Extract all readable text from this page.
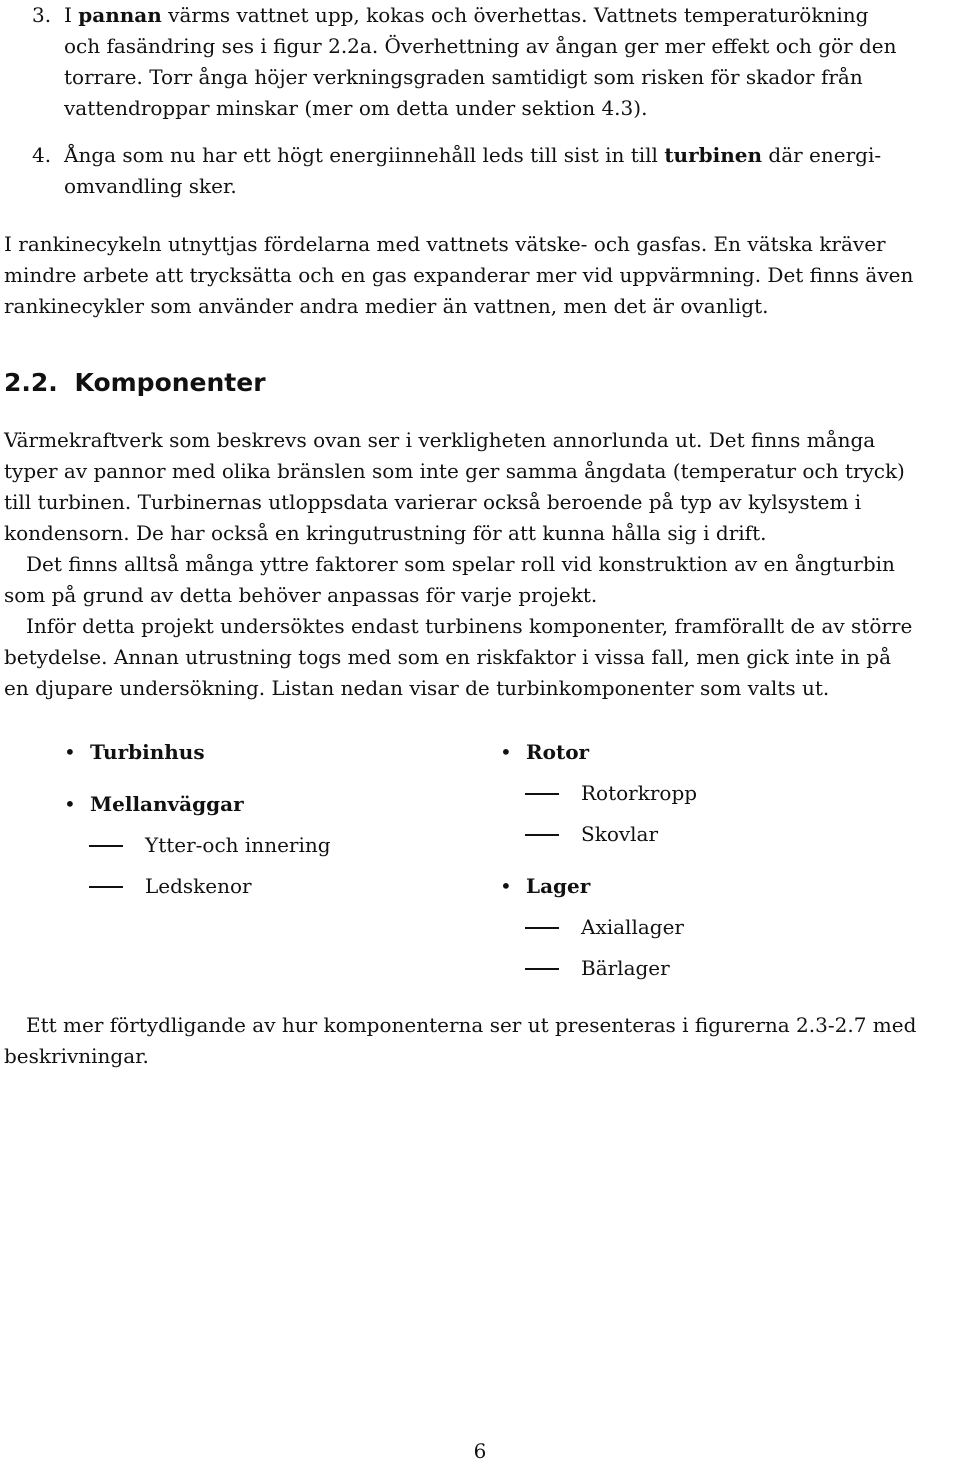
3. I pannan värms vattnet upp, kokas och överhettas. Vattnets temperaturökning

och fasändring ses i figur 2.2a. Överhettning av ångan ger mer effekt och gör den

torrare. Torr ånga höjer verkningsgraden samtidigt som risken för skador från

vattendroppar minskar (mer om detta under sektion 4.3).

4. Ånga som nu har ett högt energiinnehåll leds till sist in till turbinen där energi-

omvandling sker.

I rankinecykeln utnyttjas fördelarna med vattnets vätske- och gasfas. En vätska kräver

mindre arbete att trycksätta och en gas expanderar mer vid uppvärmning. Det finns även

rankinecykler som använder andra medier än vattnen, men det är ovanligt.

2.2. Komponenter

Värmekraftverk som beskrevs ovan ser i verkligheten annorlunda ut. Det finns många

typer av pannor med olika bränslen som inte ger samma ångdata (temperatur och tryck)

till turbinen. Turbinernas utloppsdata varierar också beroende på typ av kylsystem i

kondensorn. De har också en kringutrustning för att kunna hålla sig i drift.

Det finns alltså många yttre faktorer som spelar roll vid konstruktion av en ångturbin

som på grund av detta behöver anpassas för varje projekt.

Inför detta projekt undersöktes endast turbinens komponenter, framförallt de av större

betydelse. Annan utrustning togs med som en riskfaktor i vissa fall, men gick inte in på

en djupare undersökning. Listan nedan visar de turbinkomponenter som valts ut.

• Turbinhus
• Mellanväggar
Ytter-och innering
Ledskenor
• Rotor
Rotorkropp
Skovlar
• Lager
Axiallager
Bärlager

Ett mer förtydligande av hur komponenterna ser ut presenteras i figurerna 2.3-2.7 med

beskrivningar.

6
